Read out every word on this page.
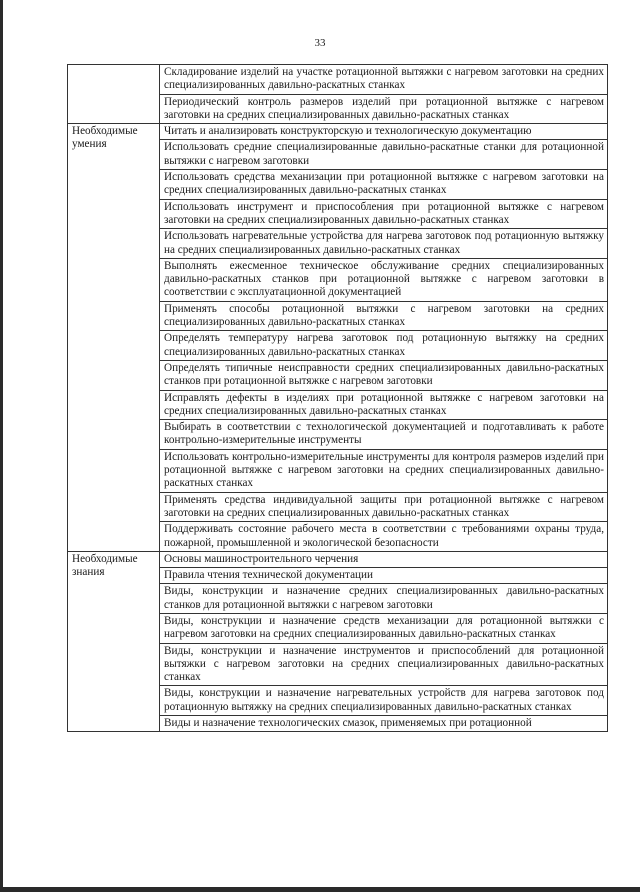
33
	Складирование изделий на участке ротационной вытяжки с нагревом заготовки на средних специализированных давильно-раскатных станках
	Периодический контроль размеров изделий при ротационной вытяжке с нагревом заготовки на средних специализированных давильно-раскатных станках

Необходимые умения	Читать и анализировать конструкторскую и технологическую документацию
	Использовать средние специализированные давильно-раскатные станки для ротационной вытяжки с нагревом заготовки
	Использовать средства механизации при ротационной вытяжке с нагревом заготовки на средних специализированных давильно-раскатных станках
	Использовать инструмент и приспособления при ротационной вытяжке с нагревом заготовки на средних специализированных давильно-раскатных станках
	Использовать нагревательные устройства для нагрева заготовок под ротационную вытяжку на средних специализированных давильно-раскатных станках
	Выполнять ежесменное техническое обслуживание средних специализированных давильно-раскатных станков при ротационной вытяжке с нагревом заготовки в соответствии с эксплуатационной документацией
	Применять способы ротационной вытяжки с нагревом заготовки на средних специализированных давильно-раскатных станках
	Определять температуру нагрева заготовок под ротационную вытяжку на средних специализированных давильно-раскатных станках
	Определять типичные неисправности средних специализированных давильно-раскатных станков при ротационной вытяжке с нагревом заготовки
	Исправлять дефекты в изделиях при ротационной вытяжке с нагревом заготовки на средних специализированных давильно-раскатных станках
	Выбирать в соответствии с технологической документацией и подготавливать к работе контрольно-измерительные инструменты
	Использовать контрольно-измерительные инструменты для контроля размеров изделий при ротационной вытяжке с нагревом заготовки на средних специализированных давильно-раскатных станках
	Применять средства индивидуальной защиты при ротационной вытяжке с нагревом заготовки на средних специализированных давильно-раскатных станках
	Поддерживать состояние рабочего места в соответствии с требованиями охраны труда, пожарной, промышленной и экологической безопасности

Необходимые знания	Основы машиностроительного черчения
	Правила чтения технической документации
	Виды, конструкции и назначение средних специализированных давильно-раскатных станков для ротационной вытяжки с нагревом заготовки
	Виды, конструкции и назначение средств механизации для ротационной вытяжки с нагревом заготовки на средних специализированных давильно-раскатных станках
	Виды, конструкции и назначение инструментов и приспособлений для ротационной вытяжки с нагревом заготовки на средних специализированных давильно-раскатных станках
	Виды, конструкции и назначение нагревательных устройств для нагрева заготовок под ротационную вытяжку на средних специализированных давильно-раскатных станках
	Виды и назначение технологических смазок, применяемых при ротационной
